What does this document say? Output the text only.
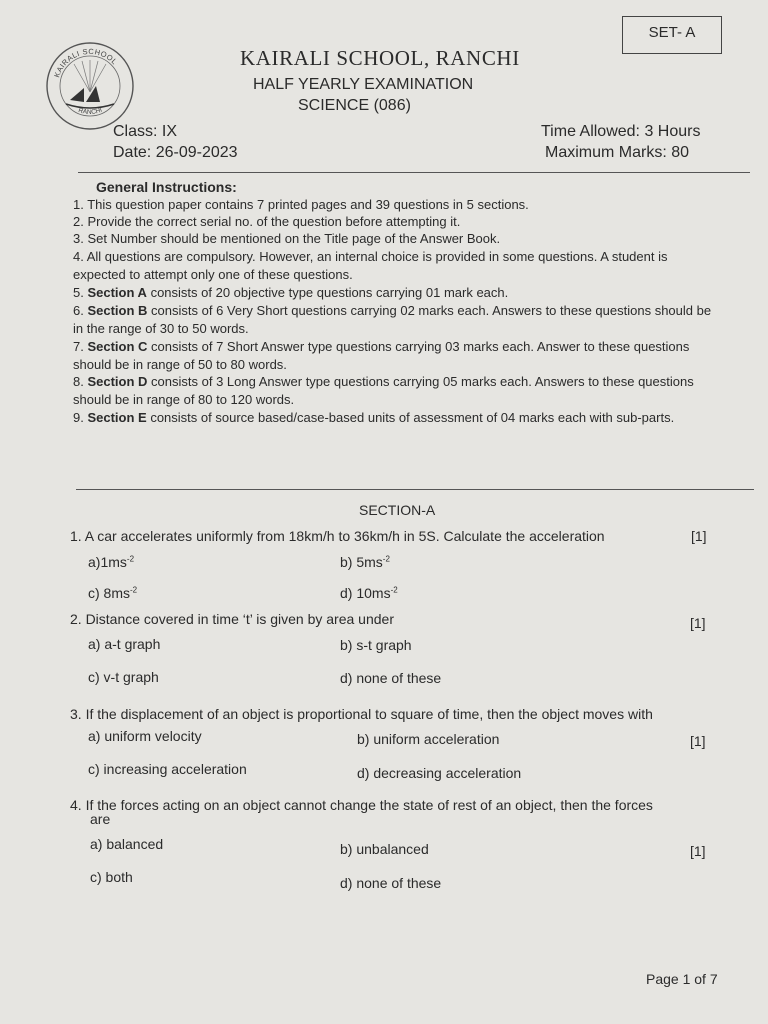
SET- A
KAIRALI SCHOOL
RANCHI
KAIRALI SCHOOL, RANCHI
HALF YEARLY EXAMINATION
SCIENCE (086)
Class: IX
Date: 26-09-2023
Time Allowed: 3 Hours
Maximum Marks: 80
General Instructions:
1. This question paper contains 7 printed pages and 39 questions in 5 sections.
2. Provide the correct serial no. of the question before attempting it.
3. Set Number should be mentioned on the Title page of the Answer Book.
4. All questions are compulsory. However, an internal choice is provided in some questions. A student is expected to attempt only one of these questions.
5. Section A consists of 20 objective type questions carrying 01 mark each.
6. Section B consists of 6 Very Short questions carrying 02 marks each. Answers to these questions should be in the range of 30 to 50 words.
7. Section C consists of 7 Short Answer type questions carrying 03 marks each. Answer to these questions should be in range of 50 to 80 words.
8. Section D consists of 3 Long Answer type questions carrying 05 marks each. Answers to these questions should be in range of 80 to 120 words.
9. Section E consists of source based/case-based units of assessment of 04 marks each with sub-parts.
SECTION-A
1. A car accelerates uniformly from 18km/h to 36km/h in 5S. Calculate the acceleration	[1]
$a)1ms^{-2}$	b) $5ms^{-2}$
c) $8ms^{-2}$	d) $10ms^{-2}$
2. Distance covered in time ‘t’ is given by area under	[1]
a) a-t graph	b) s-t graph
c) v-t graph	d) none of these
3. If the displacement of an object is proportional to square of time, then the object moves with
[1]
a) uniform velocity	b) uniform acceleration
c) increasing acceleration	d) decreasing acceleration
4. If the forces acting on an object cannot change the state of rest of an object, then the forces
are
[1]
a) balanced	b) unbalanced
c) both	d) none of these
Page 1 of 7
